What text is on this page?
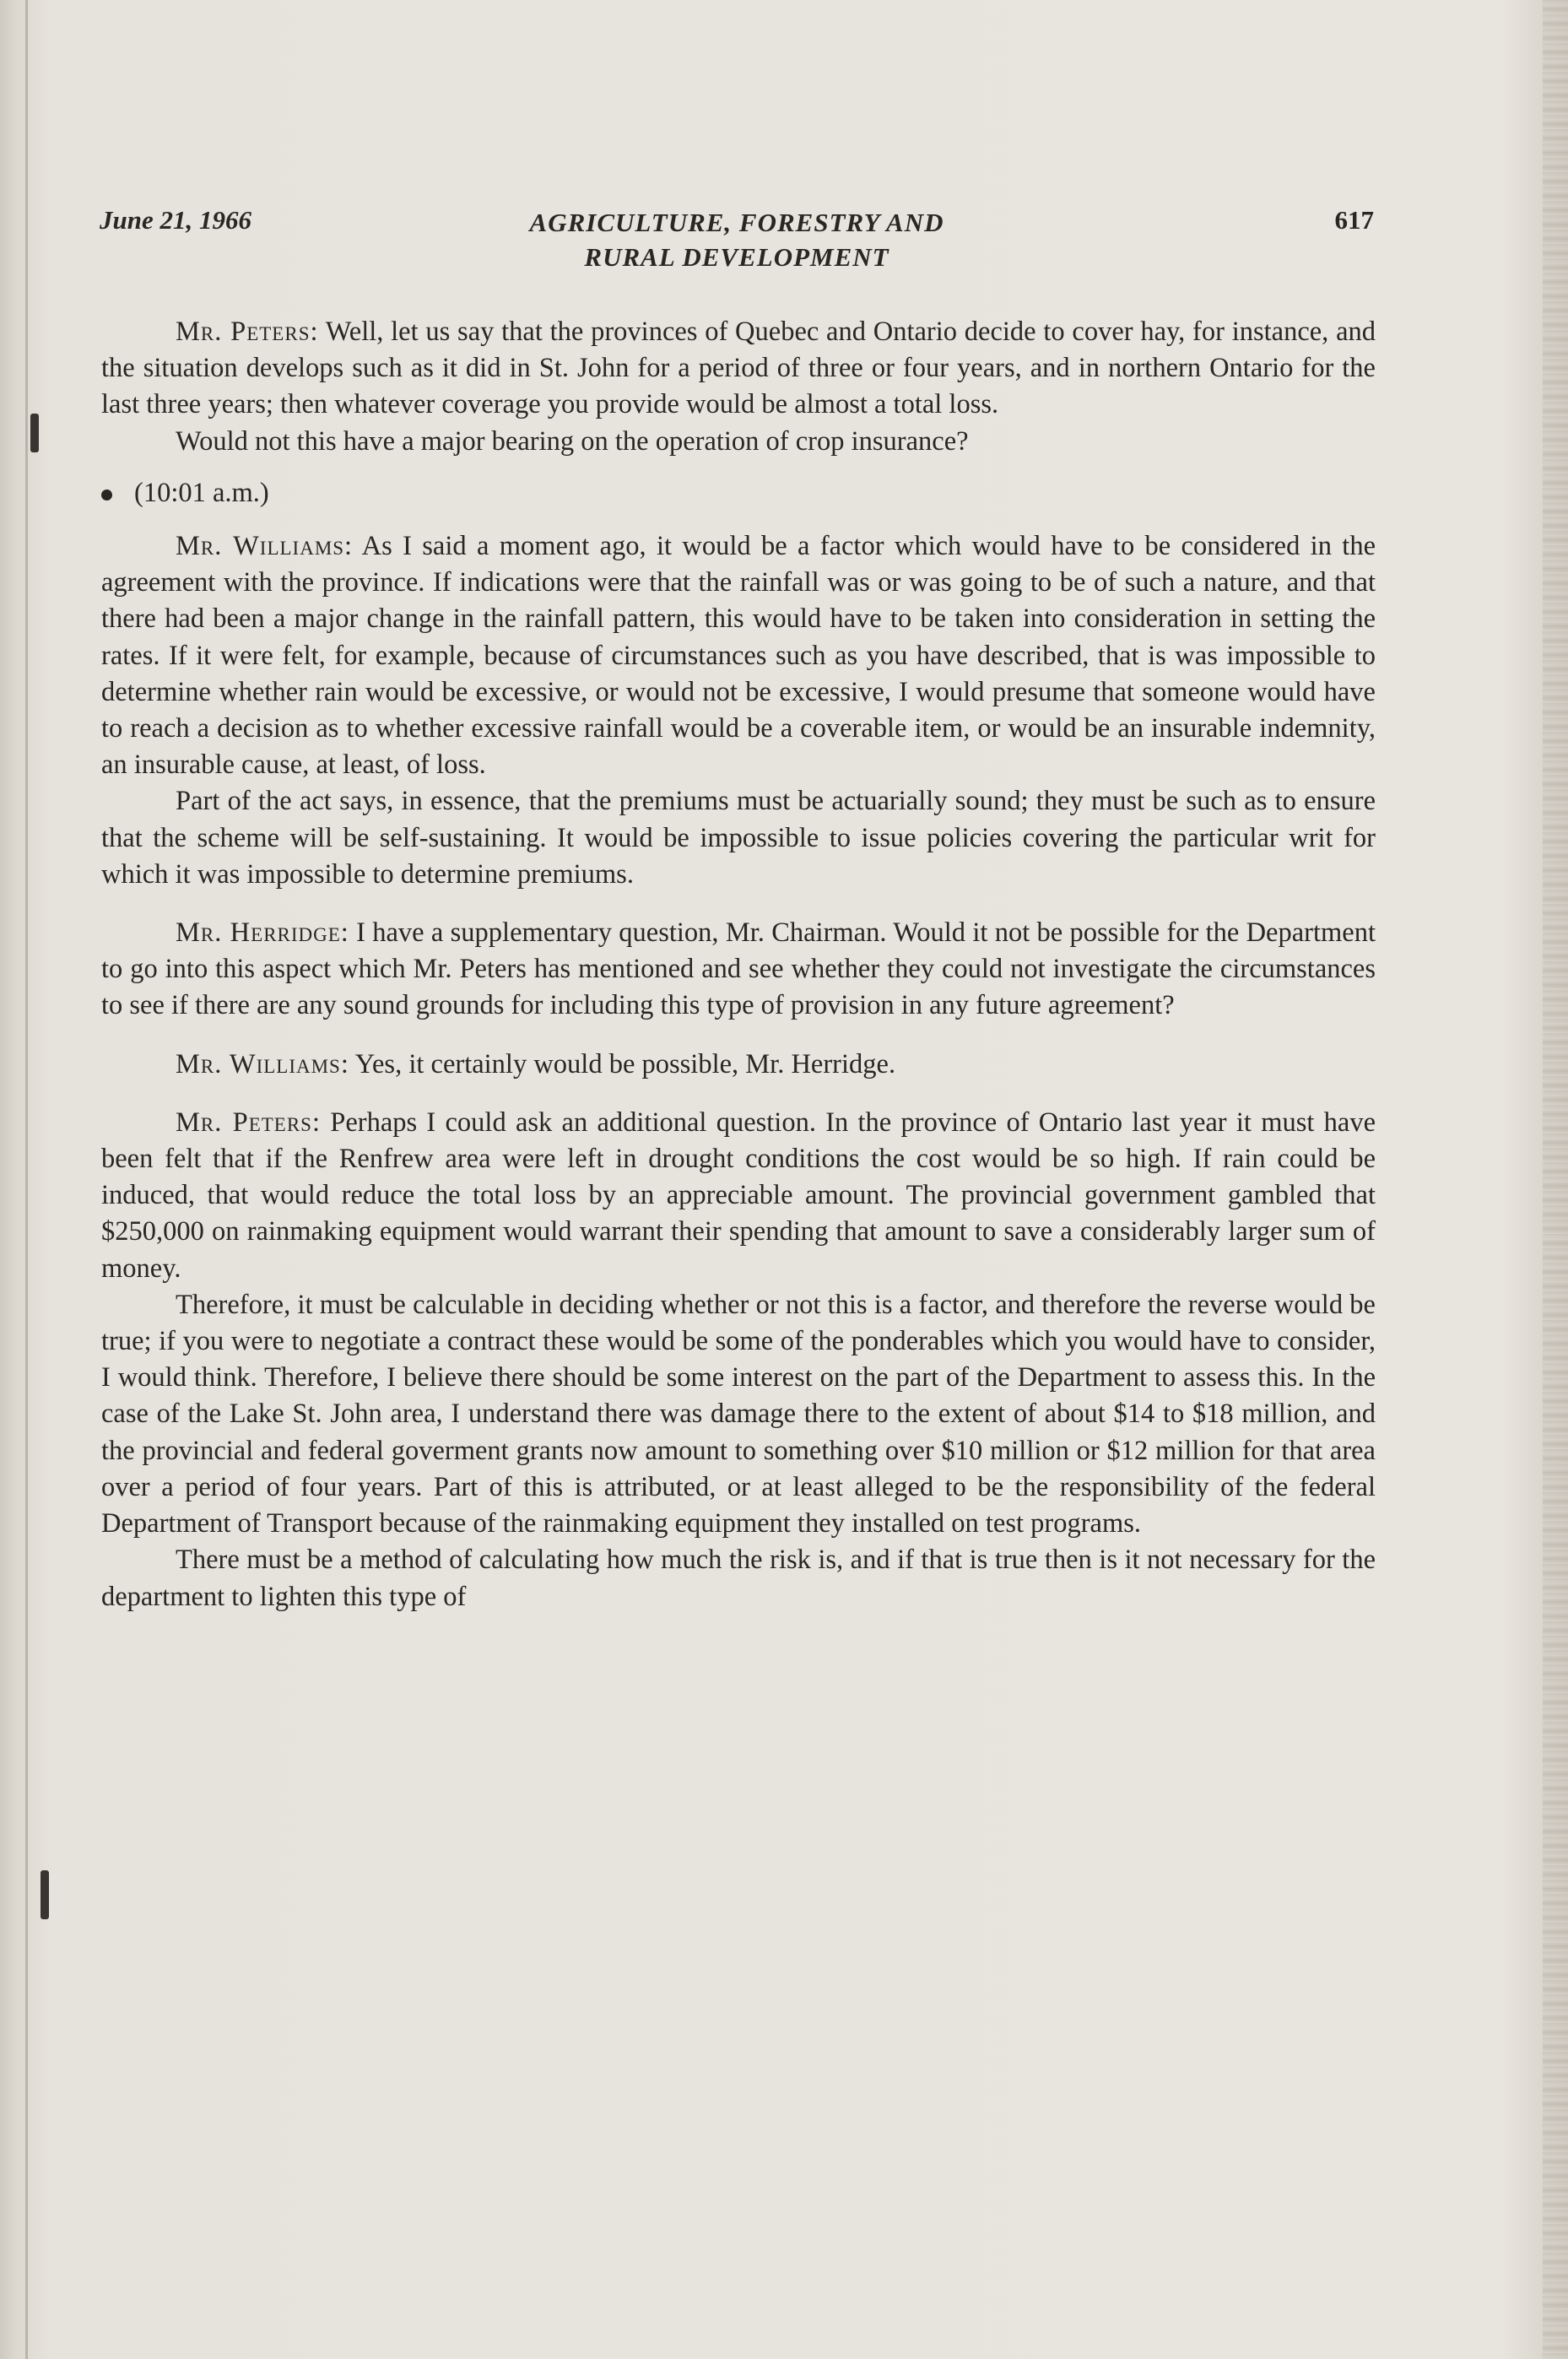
June 21, 1966	AGRICULTURE, FORESTRY AND
RURAL DEVELOPMENT
617

Mr. Peters: Well, let us say that the provinces of Quebec and Ontario decide to cover hay, for instance, and the situation develops such as it did in St. John for a period of three or four years, and in northern Ontario for the last three years; then whatever coverage you provide would be almost a total loss.

Would not this have a major bearing on the operation of crop insurance?

(10:01 a.m.)

Mr. Williams: As I said a moment ago, it would be a factor which would have to be considered in the agreement with the province. If indications were that the rainfall was or was going to be of such a nature, and that there had been a major change in the rainfall pattern, this would have to be taken into consideration in setting the rates. If it were felt, for example, because of circumstances such as you have described, that is was impossible to determine whether rain would be excessive, or would not be excessive, I would presume that someone would have to reach a decision as to whether excessive rainfall would be a coverable item, or would be an insurable indemnity, an insurable cause, at least, of loss.

Part of the act says, in essence, that the premiums must be actuarially sound; they must be such as to ensure that the scheme will be self-sustaining. It would be impossible to issue policies covering the particular writ for which it was impossible to determine premiums.

Mr. Herridge: I have a supplementary question, Mr. Chairman. Would it not be possible for the Department to go into this aspect which Mr. Peters has mentioned and see whether they could not investigate the circumstances to see if there are any sound grounds for including this type of provision in any future agreement?

Mr. Williams: Yes, it certainly would be possible, Mr. Herridge.

Mr. Peters: Perhaps I could ask an additional question. In the province of Ontario last year it must have been felt that if the Renfrew area were left in drought conditions the cost would be so high. If rain could be induced, that would reduce the total loss by an appreciable amount. The provincial government gambled that $250,000 on rainmaking equipment would warrant their spending that amount to save a considerably larger sum of money.

Therefore, it must be calculable in deciding whether or not this is a factor, and therefore the reverse would be true; if you were to negotiate a contract these would be some of the ponderables which you would have to consider, I would think. Therefore, I believe there should be some interest on the part of the Department to assess this. In the case of the Lake St. John area, I understand there was damage there to the extent of about $14 to $18 million, and the provincial and federal goverment grants now amount to something over $10 million or $12 million for that area over a period of four years. Part of this is attributed, or at least alleged to be the responsibility of the federal Department of Transport because of the rainmaking equipment they installed on test programs.

There must be a method of calculating how much the risk is, and if that is true then is it not necessary for the department to lighten this type of
